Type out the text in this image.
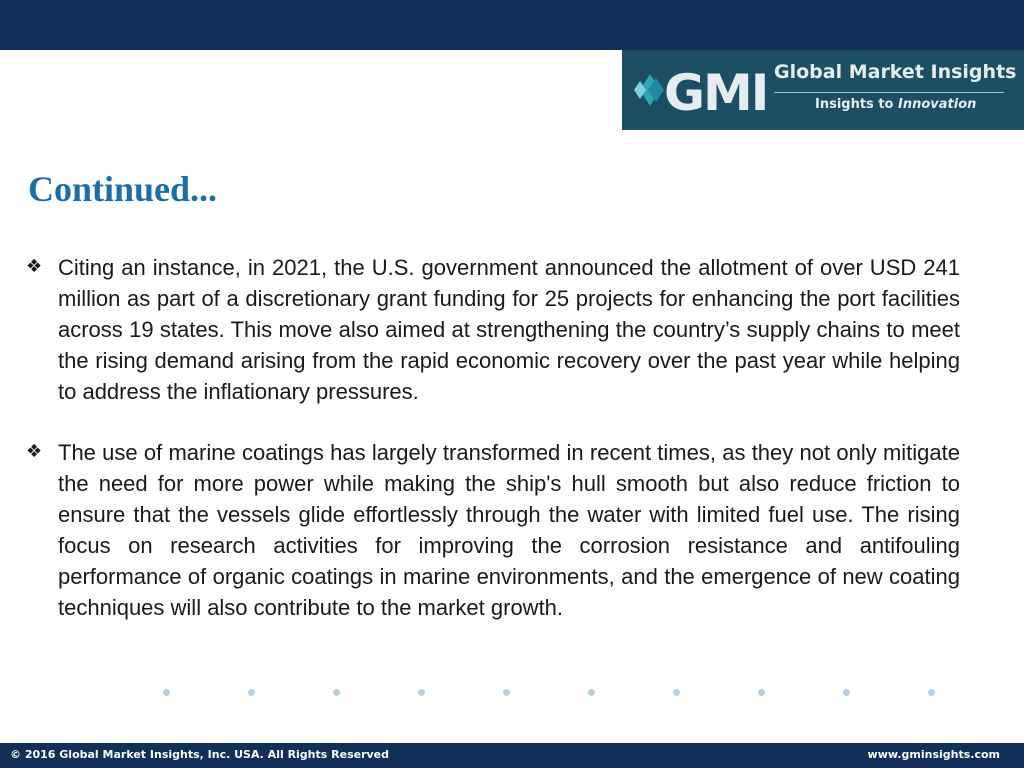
GMI Global Market Insights
Insights to Innovation
Continued...
❖ Citing an instance, in 2021, the U.S. government announced the allotment of over USD 241 million as part of a discretionary grant funding for 25 projects for enhancing the port facilities across 19 states. This move also aimed at strengthening the country’s supply chains to meet the rising demand arising from the rapid economic recovery over the past year while helping to address the inflationary pressures.
❖ The use of marine coatings has largely transformed in recent times, as they not only mitigate the need for more power while making the ship's hull smooth but also reduce friction to ensure that the vessels glide effortlessly through the water with limited fuel use. The rising focus on research activities for improving the corrosion resistance and antifouling performance of organic coatings in marine environments, and the emergence of new coating techniques will also contribute to the market growth.
© 2016 Global Market Insights, Inc. USA. All Rights Reserved	www.gminsights.com
